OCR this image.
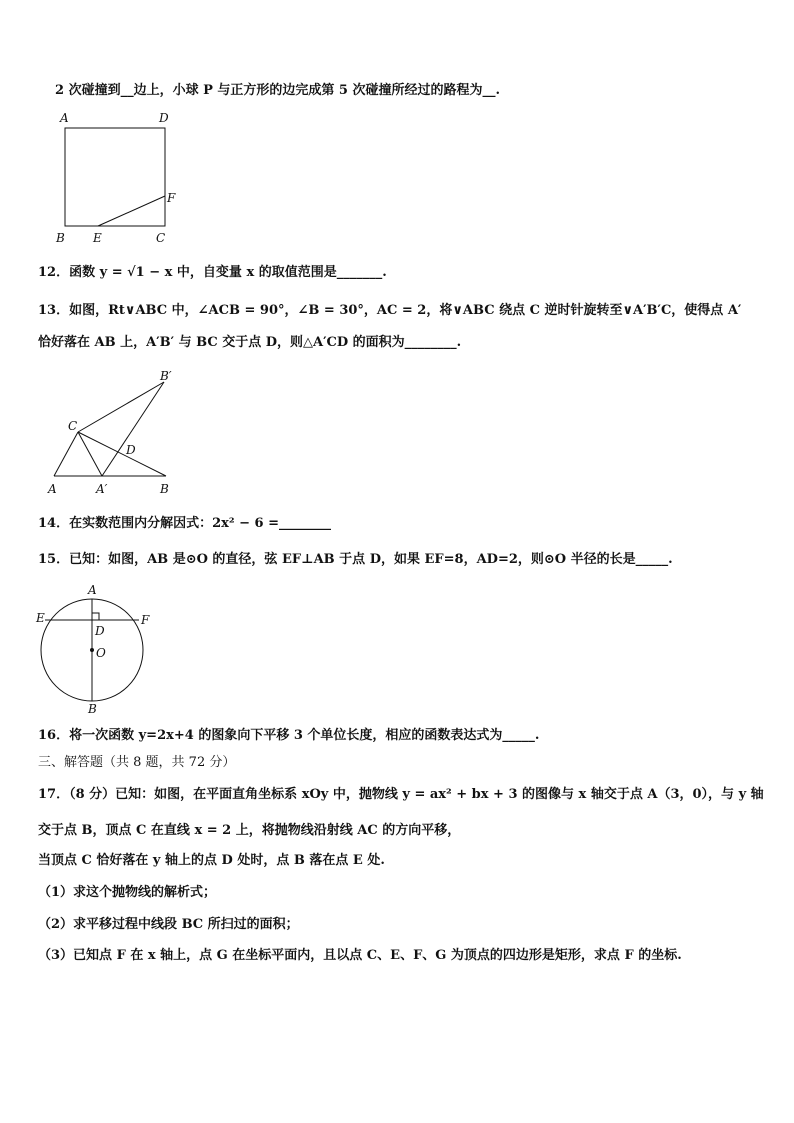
2 次碰撞到__边上，小球 P 与正方形的边完成第 5 次碰撞所经过的路程为__.
A	D
B E	C
F
12．函数 y = √1 − x 中，自变量 x 的取值范围是_______.
13．如图，Rt∨ABC 中，∠ACB = 90°，∠B = 30°，AC = 2，将∨ABC 绕点 C 逆时针旋转至∨A′B′C，使得点 A′
恰好落在 AB 上，A′B′ 与 BC 交于点 D，则△A′CD 的面积为________.
B′
C
D
A	A′	B
14．在实数范围内分解因式：2x² − 6 =________
15．已知：如图，AB 是⊙O 的直径，弦 EF⊥AB 于点 D，如果 EF=8，AD=2，则⊙O 半径的长是_____.
A
E	F
D
O
B
16．将一次函数 y=2x+4 的图象向下平移 3 个单位长度，相应的函数表达式为_____.
三、解答题（共 8 题，共 72 分）
17．（8 分）已知：如图，在平面直角坐标系 xOy 中，抛物线 y = ax² + bx + 3 的图像与 x 轴交于点 A（3，0），与 y 轴
交于点 B，顶点 C 在直线 x = 2 上，将抛物线沿射线 AC 的方向平移，
当顶点 C 恰好落在 y 轴上的点 D 处时，点 B 落在点 E 处.
（1）求这个抛物线的解析式；
（2）求平移过程中线段 BC 所扫过的面积；
（3）已知点 F 在 x 轴上，点 G 在坐标平面内，且以点 C、E、F、G 为顶点的四边形是矩形，求点 F 的坐标.
